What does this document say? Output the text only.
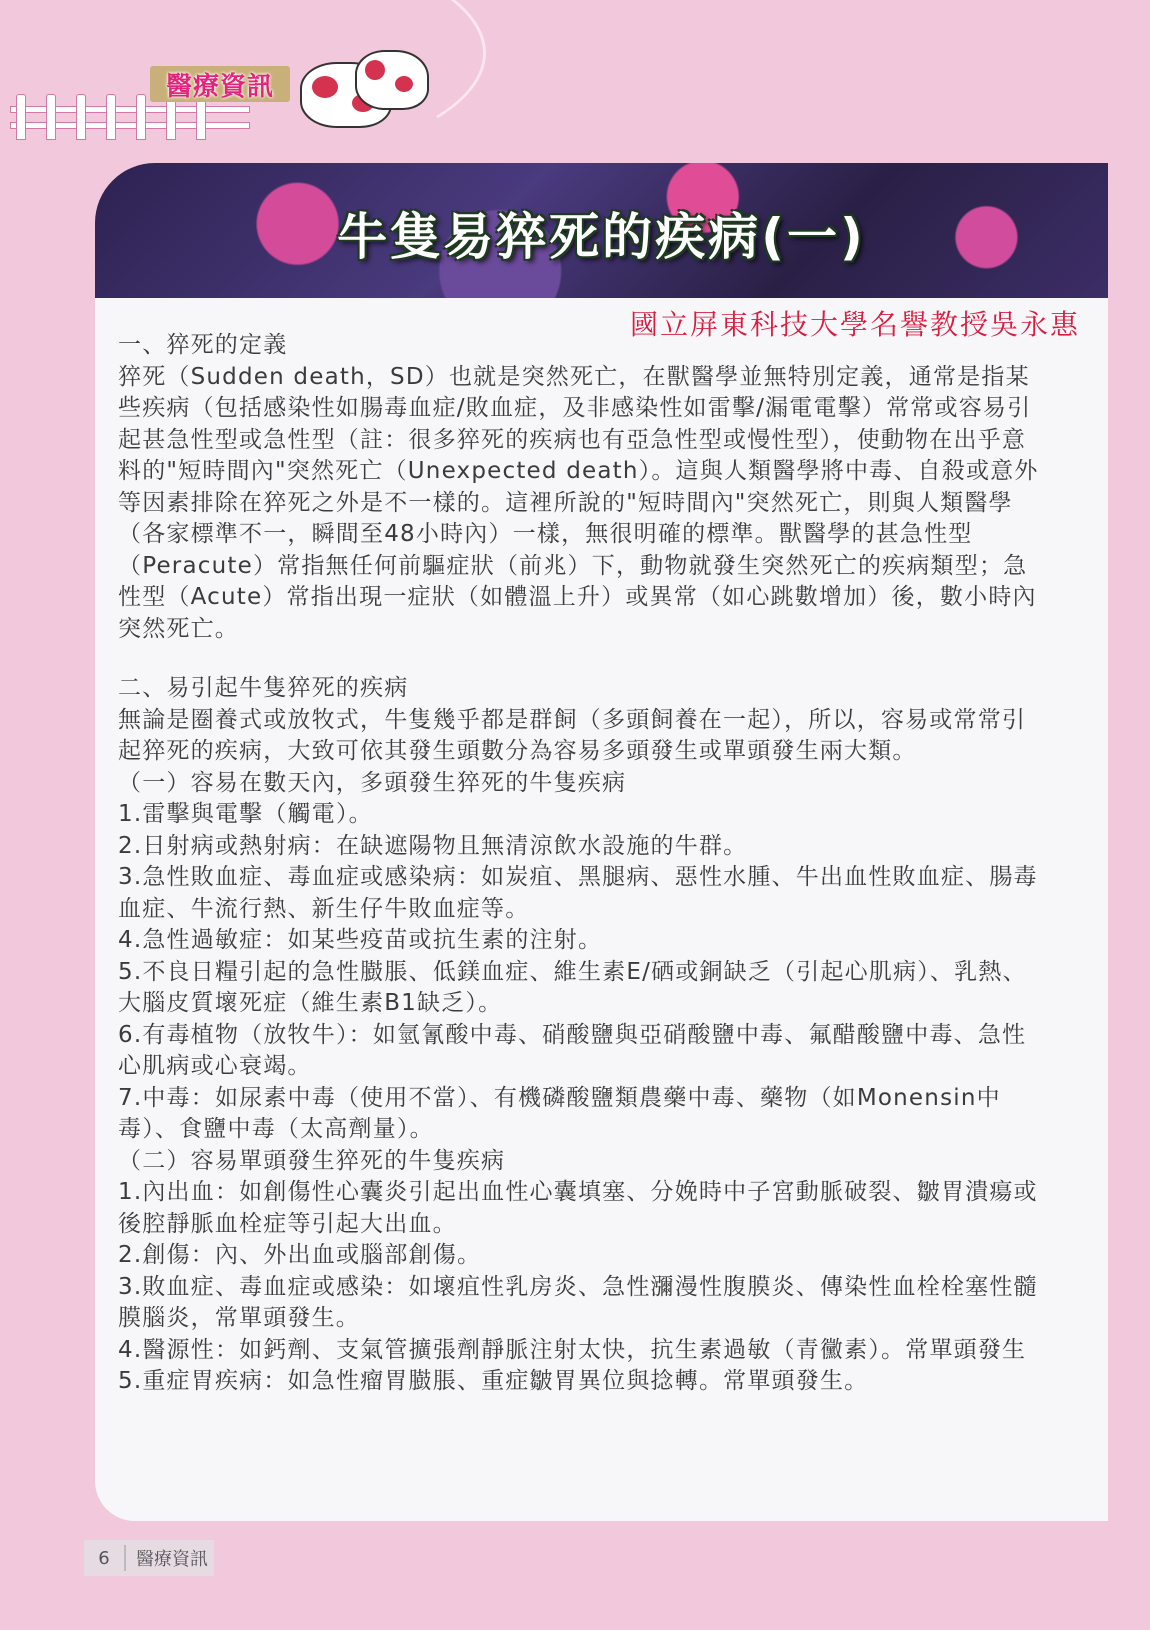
醫療資訊
牛隻易猝死的疾病(一)
國立屏東科技大學名譽教授吳永惠

一、猝死的定義

猝死（Sudden death，SD）也就是突然死亡，在獸醫學並無特別定義，通常是指某些疾病（包括感染性如腸毒血症/敗血症，及非感染性如雷擊/漏電電擊）常常或容易引起甚急性型或急性型（註：很多猝死的疾病也有亞急性型或慢性型），使動物在出乎意料的"短時間內"突然死亡（Unexpected death）。這與人類醫學將中毒、自殺或意外等因素排除在猝死之外是不一樣的。這裡所說的"短時間內"突然死亡，則與人類醫學（各家標準不一，瞬間至48小時內）一樣，無很明確的標準。獸醫學的甚急性型（Peracute）常指無任何前驅症狀（前兆）下，動物就發生突然死亡的疾病類型；急性型（Acute）常指出現一症狀（如體溫上升）或異常（如心跳數增加）後，數小時內突然死亡。

二、易引起牛隻猝死的疾病

無論是圈養式或放牧式，牛隻幾乎都是群飼（多頭飼養在一起），所以，容易或常常引起猝死的疾病，大致可依其發生頭數分為容易多頭發生或單頭發生兩大類。

（一）容易在數天內，多頭發生猝死的牛隻疾病

1.雷擊與電擊（觸電）。

2.日射病或熱射病：在缺遮陽物且無清涼飲水設施的牛群。

3.急性敗血症、毒血症或感染病：如炭疽、黑腿病、惡性水腫、牛出血性敗血症、腸毒血症、牛流行熱、新生仔牛敗血症等。

4.急性過敏症：如某些疫苗或抗生素的注射。

5.不良日糧引起的急性臌脹、低鎂血症、維生素E/硒或銅缺乏（引起心肌病）、乳熱、大腦皮質壞死症（維生素B1缺乏）。

6.有毒植物（放牧牛）：如氫氰酸中毒、硝酸鹽與亞硝酸鹽中毒、氟醋酸鹽中毒、急性心肌病或心衰竭。

7.中毒：如尿素中毒（使用不當）、有機磷酸鹽類農藥中毒、藥物（如Monensin中毒）、食鹽中毒（太高劑量）。

（二）容易單頭發生猝死的牛隻疾病

1.內出血：如創傷性心囊炎引起出血性心囊填塞、分娩時中子宮動脈破裂、皺胃潰瘍或後腔靜脈血栓症等引起大出血。

2.創傷：內、外出血或腦部創傷。

3.敗血症、毒血症或感染：如壞疽性乳房炎、急性瀰漫性腹膜炎、傳染性血栓栓塞性髓膜腦炎，常單頭發生。

4.醫源性：如鈣劑、支氣管擴張劑靜脈注射太快，抗生素過敏（青黴素）。常單頭發生

5.重症胃疾病：如急性瘤胃臌脹、重症皺胃異位與捻轉。常單頭發生。

6	醫療資訊
